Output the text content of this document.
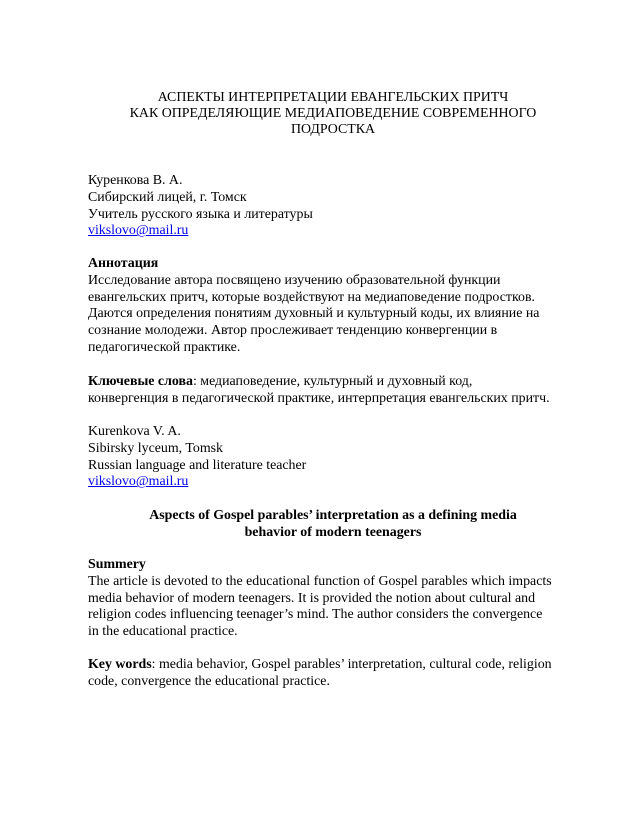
АСПЕКТЫ ИНТЕРПРЕТАЦИИ ЕВАНГЕЛЬСКИХ ПРИТЧ
КАК ОПРЕДЕЛЯЮЩИЕ МЕДИАПОВЕДЕНИЕ СОВРЕМЕННОГО
ПОДРОСТКА
Куренкова В. А.
Сибирский лицей, г. Томск
Учитель русского языка и литературы
vikslovo@mail.ru
Аннотация
Исследование автора посвящено изучению образовательной функции
евангельских притч, которые воздействуют на медиаповедение подростков.
Даются определения понятиям духовный и культурный коды, их влияние на
сознание молодежи. Автор прослеживает тенденцию конвергенции в
педагогической практике.
Ключевые слова: медиаповедение, культурный и духовный код,
конвергенция в педагогической практике, интерпретация евангельских притч.
Kurenkova V. A.
Sibirsky lyceum, Tomsk
Russian language and literature teacher
vikslovo@mail.ru
Aspects of Gospel parables’ interpretation as a defining media
behavior of modern teenagers
Summery
The article is devoted to the educational function of Gospel parables which impacts
media behavior of modern teenagers. It is provided the notion about cultural and
religion codes influencing teenager’s mind. The author considers the convergence
in the educational practice.
Key words: media behavior, Gospel parables’ interpretation, cultural code, religion
code, convergence the educational practice.
